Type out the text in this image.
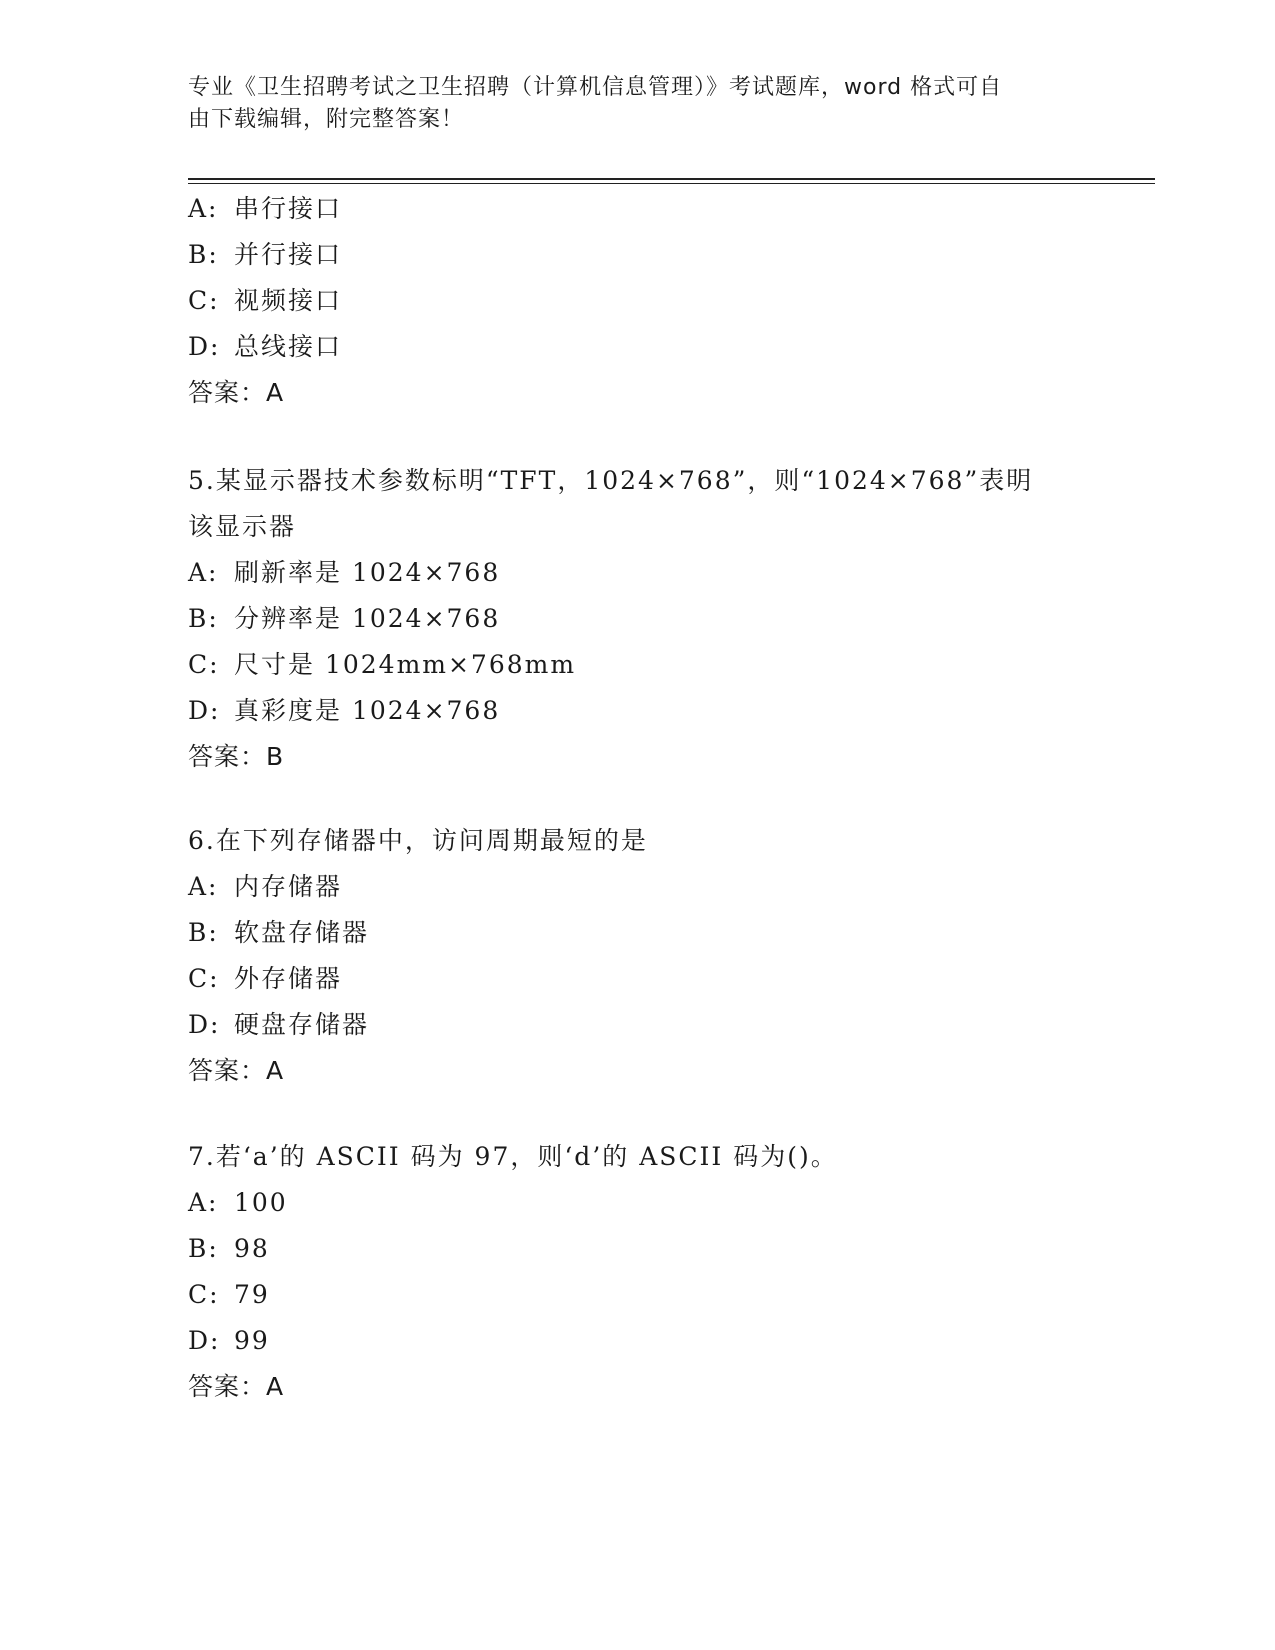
专业《卫生招聘考试之卫生招聘（计算机信息管理）》考试题库，word 格式可自
由下载编辑，附完整答案！
A: 串行接口
B: 并行接口
C: 视频接口
D: 总线接口
答案：A
5.某显示器技术参数标明“TFT，1024×768”，则“1024×768”表明
该显示器
A: 刷新率是 1024×768
B: 分辨率是 1024×768
C: 尺寸是 1024mm×768mm
D: 真彩度是 1024×768
答案：B
6.在下列存储器中，访问周期最短的是
A: 内存储器
B: 软盘存储器
C: 外存储器
D: 硬盘存储器
答案：A
7.若‘a’的 ASCII 码为 97，则‘d’的 ASCII 码为()。
A: 100
B: 98
C: 79
D: 99
答案：A
